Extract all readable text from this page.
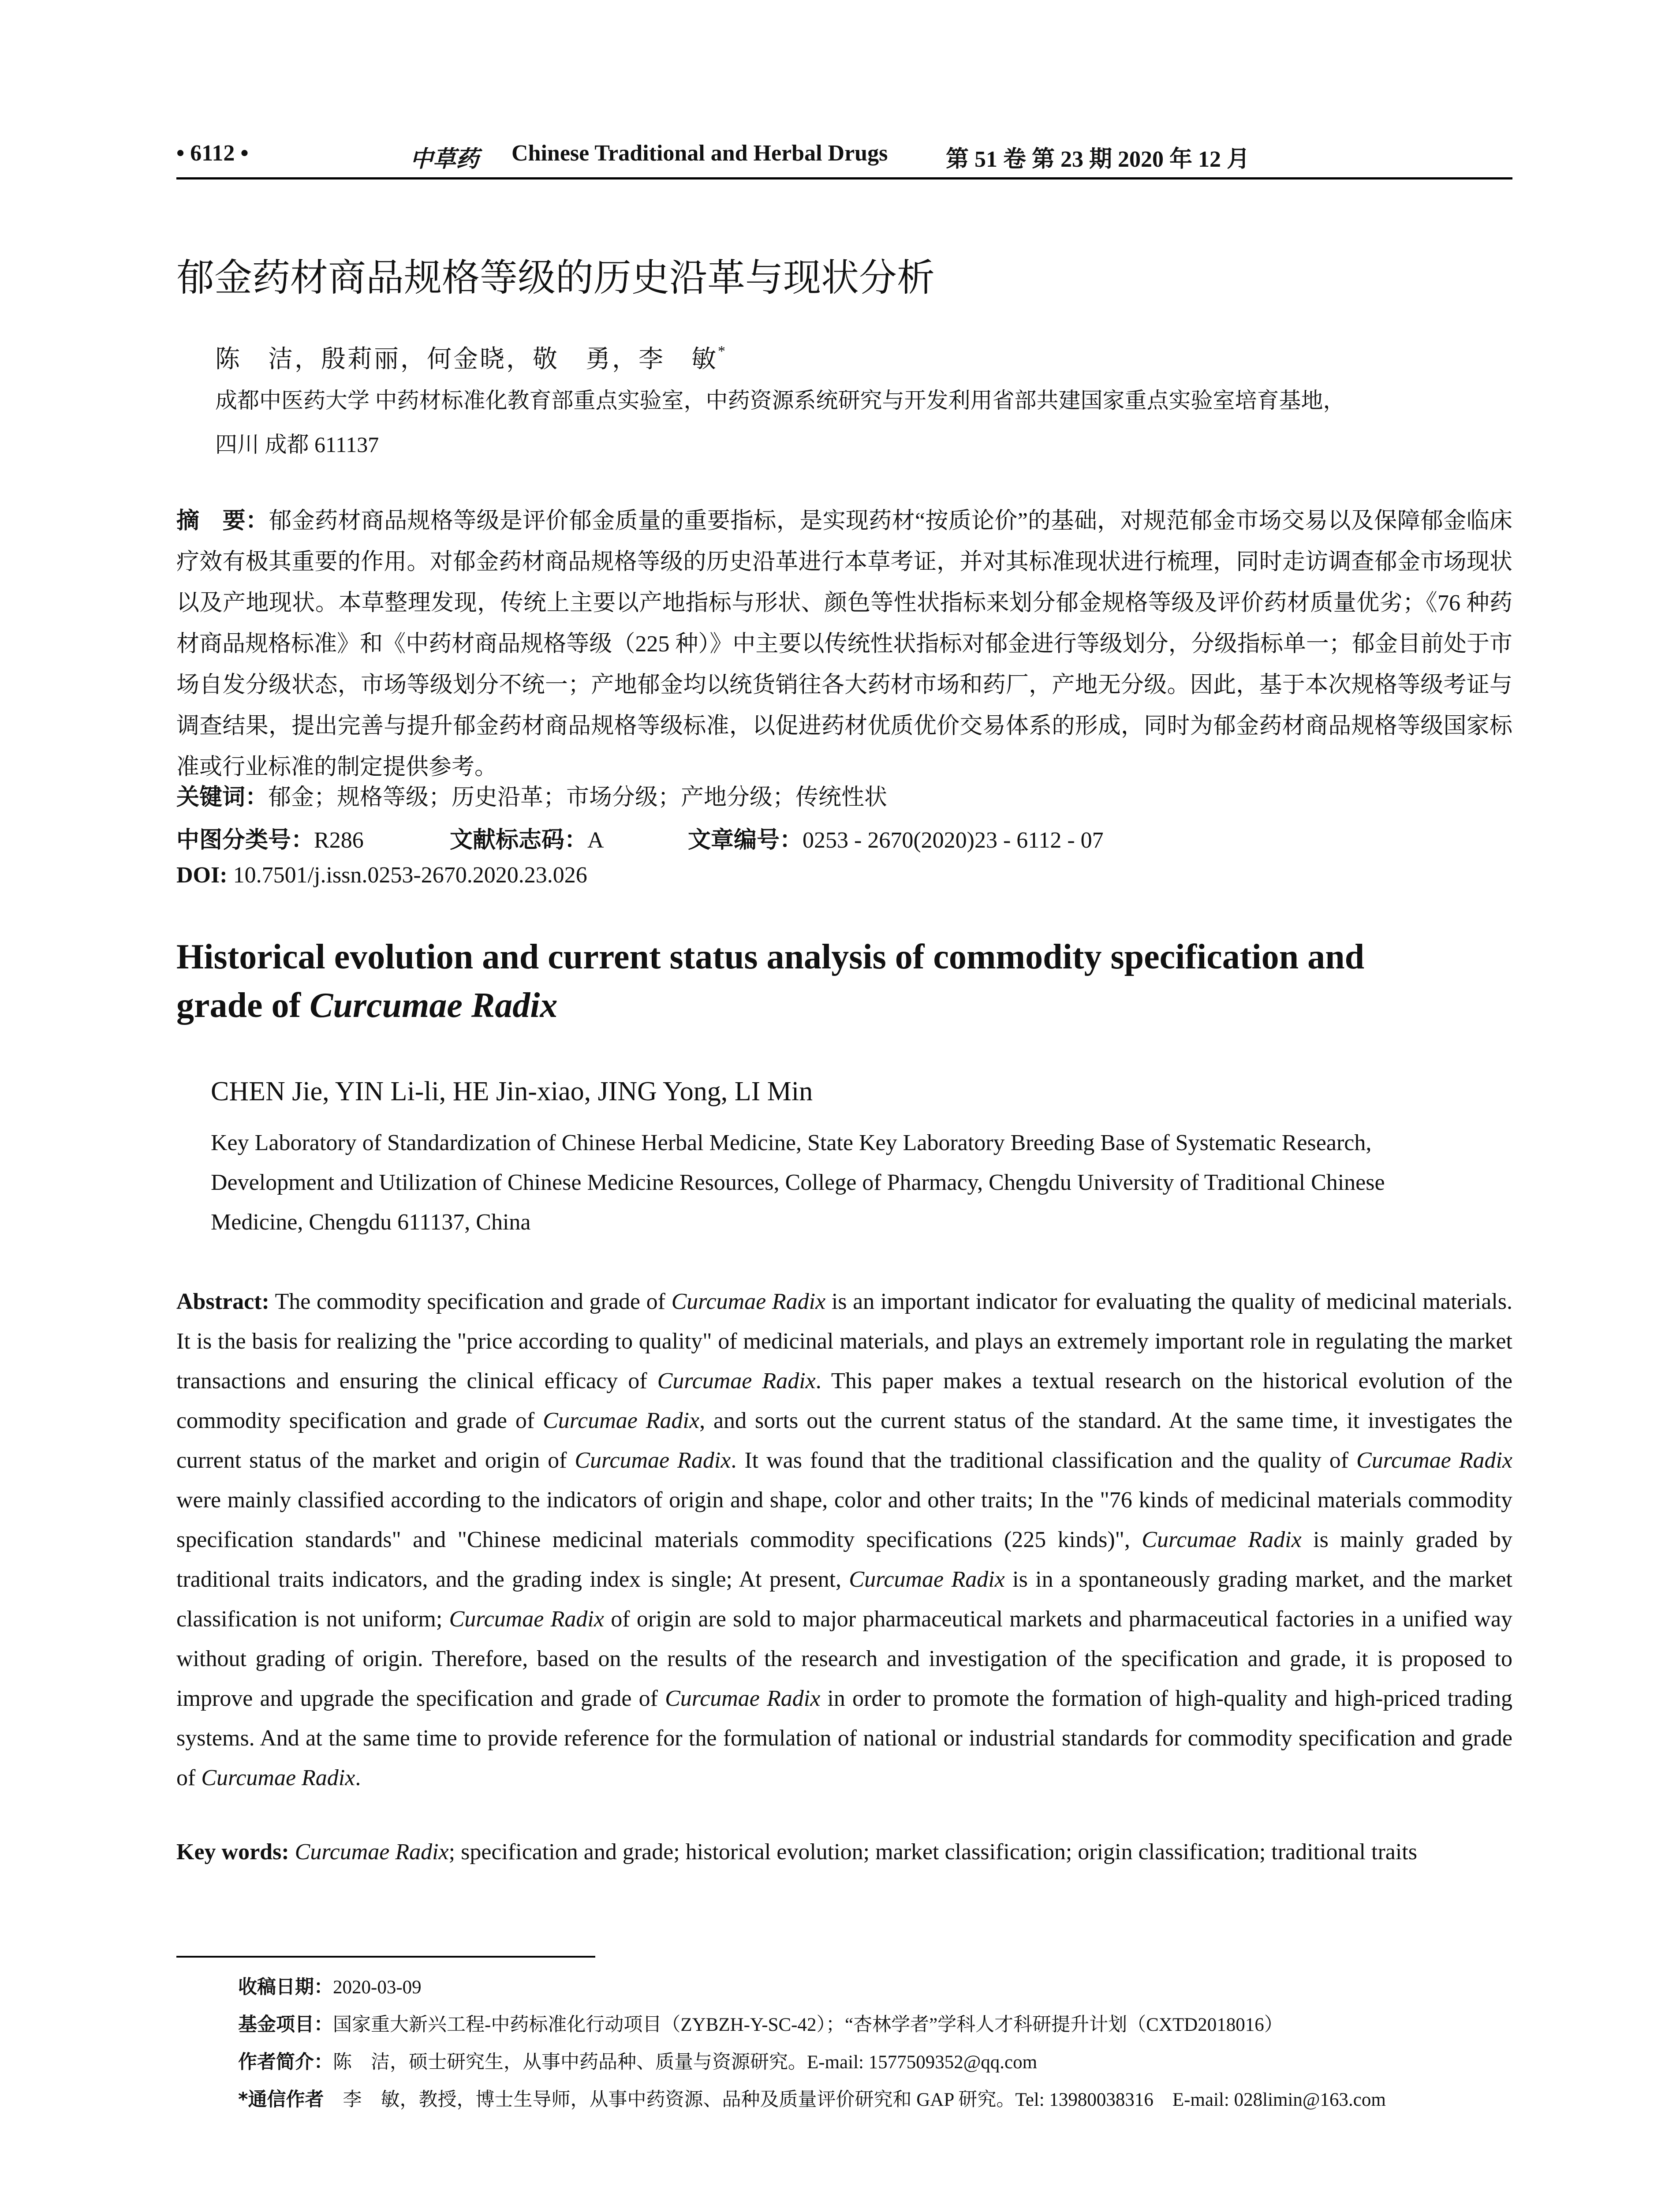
• 6112 •	中草药 Chinese Traditional and Herbal Drugs	第 51 卷 第 23 期 2020 年 12 月
郁金药材商品规格等级的历史沿革与现状分析
陈　洁，殷莉丽，何金晓，敬　勇，李　敏*
成都中医药大学 中药材标准化教育部重点实验室，中药资源系统研究与开发利用省部共建国家重点实验室培育基地，
四川 成都 611137
摘　要：郁金药材商品规格等级是评价郁金质量的重要指标，是实现药材“按质论价”的基础，对规范郁金市场交易以及保障郁金临床疗效有极其重要的作用。对郁金药材商品规格等级的历史沿革进行本草考证，并对其标准现状进行梳理，同时走访调查郁金市场现状以及产地现状。本草整理发现，传统上主要以产地指标与形状、颜色等性状指标来划分郁金规格等级及评价药材质量优劣；《76 种药材商品规格标准》和《中药材商品规格等级（225 种）》中主要以传统性状指标对郁金进行等级划分，分级指标单一；郁金目前处于市场自发分级状态，市场等级划分不统一；产地郁金均以统货销往各大药材市场和药厂，产地无分级。因此，基于本次规格等级考证与调查结果，提出完善与提升郁金药材商品规格等级标准，以促进药材优质优价交易体系的形成，同时为郁金药材商品规格等级国家标准或行业标准的制定提供参考。
关键词：郁金；规格等级；历史沿革；市场分级；产地分级；传统性状
中图分类号：R286	文献标志码：A	文章编号：0253 - 2670(2020)23 - 6112 - 07
DOI: 10.7501/j.issn.0253-2670.2020.23.026
Historical evolution and current status analysis of commodity specification and
grade of Curcumae Radix
CHEN Jie, YIN Li-li, HE Jin-xiao, JING Yong, LI Min
Key Laboratory of Standardization of Chinese Herbal Medicine, State Key Laboratory Breeding Base of Systematic Research,
Development and Utilization of Chinese Medicine Resources, College of Pharmacy, Chengdu University of Traditional Chinese
Medicine, Chengdu 611137, China
Abstract: The commodity specification and grade of Curcumae Radix is an important indicator for evaluating the quality of medicinal materials. It is the basis for realizing the "price according to quality" of medicinal materials, and plays an extremely important role in regulating the market transactions and ensuring the clinical efficacy of Curcumae Radix. This paper makes a textual research on the historical evolution of the commodity specification and grade of Curcumae Radix, and sorts out the current status of the standard. At the same time, it investigates the current status of the market and origin of Curcumae Radix. It was found that the traditional classification and the quality of Curcumae Radix were mainly classified according to the indicators of origin and shape, color and other traits; In the "76 kinds of medicinal materials commodity specification standards" and "Chinese medicinal materials commodity specifications (225 kinds)", Curcumae Radix is mainly graded by traditional traits indicators, and the grading index is single; At present, Curcumae Radix is in a spontaneously grading market, and the market classification is not uniform; Curcumae Radix of origin are sold to major pharmaceutical markets and pharmaceutical factories in a unified way without grading of origin. Therefore, based on the results of the research and investigation of the specification and grade, it is proposed to improve and upgrade the specification and grade of Curcumae Radix in order to promote the formation of high-quality and high-priced trading systems. And at the same time to provide reference for the formulation of national or industrial standards for commodity specification and grade of Curcumae Radix.
Key words: Curcumae Radix; specification and grade; historical evolution; market classification; origin classification; traditional traits
收稿日期：2020-03-09
基金项目：国家重大新兴工程-中药标准化行动项目（ZYBZH-Y-SC-42）；“杏林学者”学科人才科研提升计划（CXTD2018016）
作者简介：陈　洁，硕士研究生，从事中药品种、质量与资源研究。E-mail: 1577509352@qq.com
*通信作者　李　敏，教授，博士生导师，从事中药资源、品种及质量评价研究和 GAP 研究。Tel: 13980038316　E-mail: 028limin@163.com
